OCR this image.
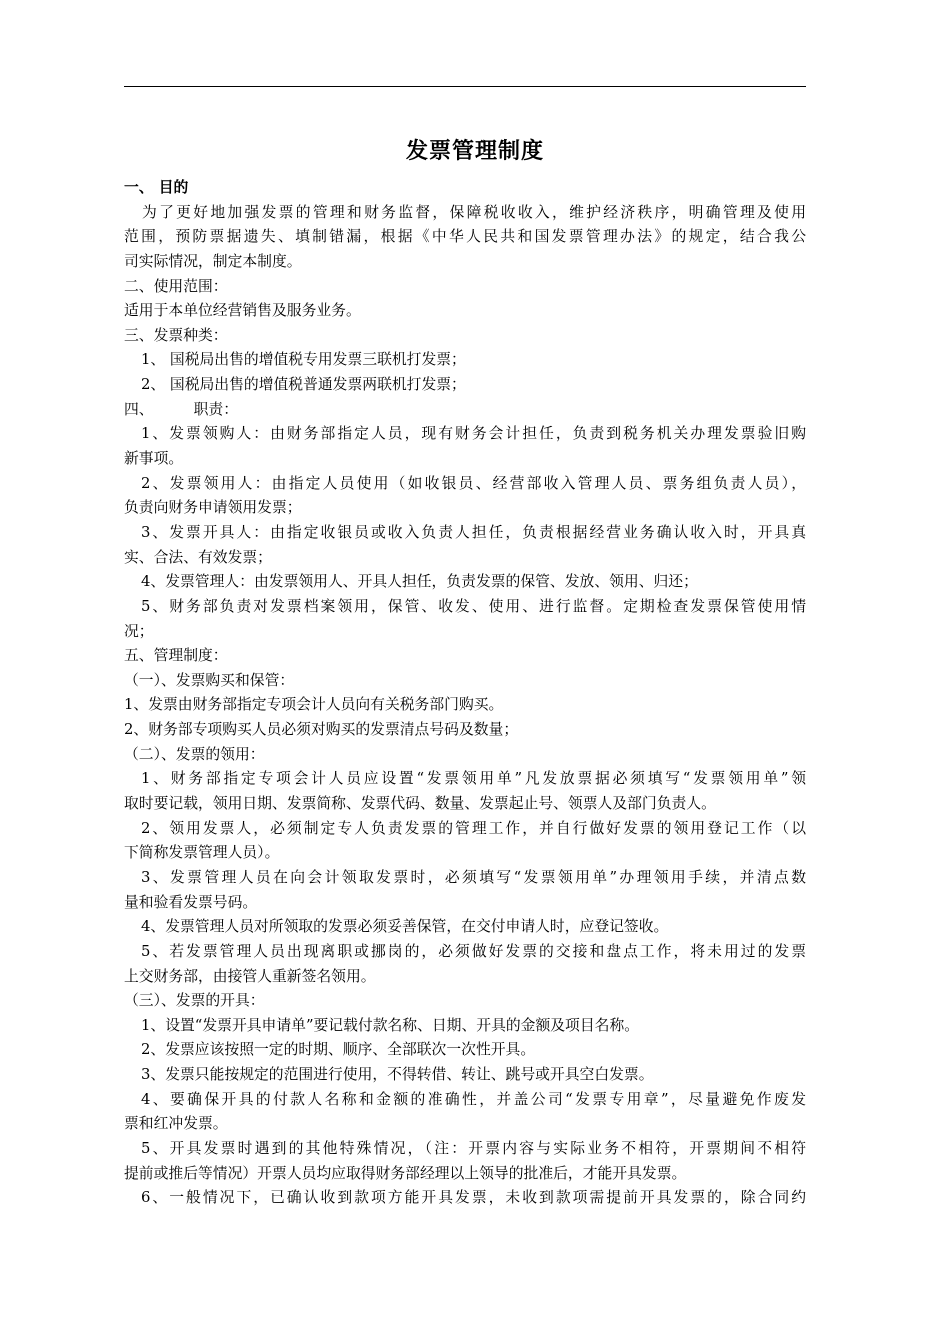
发票管理制度
一、 目的
为了更好地加强发票的管理和财务监督，保障税收收入，维护经济秩序，明确管理及使用
范围，预防票据遗失、填制错漏，根据《中华人民共和国发票管理办法》的规定，结合我公
司实际情况，制定本制度。
二、使用范围：
适用于本单位经营销售及服务业务。
三、发票种类：
1、 国税局出售的增值税专用发票三联机打发票；
2、 国税局出售的增值税普通发票两联机打发票；
四、	职责：
1、发票领购人：由财务部指定人员，现有财务会计担任，负责到税务机关办理发票验旧购
新事项。
2、发票领用人：由指定人员使用（如收银员、经营部收入管理人员、票务组负责人员），
负责向财务申请领用发票；
3、发票开具人：由指定收银员或收入负责人担任，负责根据经营业务确认收入时，开具真
实、合法、有效发票；
4、发票管理人：由发票领用人、开具人担任，负责发票的保管、发放、领用、归还；
5、财务部负责对发票档案领用，保管、收发、使用、进行监督。定期检查发票保管使用情
况；
五、管理制度：
（一）、发票购买和保管：
1、发票由财务部指定专项会计人员向有关税务部门购买。
2、财务部专项购买人员必须对购买的发票清点号码及数量；
（二）、发票的领用：
1、财务部指定专项会计人员应设置“发票领用单”凡发放票据必须填写“发票领用单”领
取时要记载，领用日期、发票简称、发票代码、数量、发票起止号、领票人及部门负责人。
2、领用发票人，必须制定专人负责发票的管理工作，并自行做好发票的领用登记工作（以
下简称发票管理人员）。
3、发票管理人员在向会计领取发票时，必须填写“发票领用单”办理领用手续，并清点数
量和验看发票号码。
4、发票管理人员对所领取的发票必须妥善保管，在交付申请人时，应登记签收。
5、若发票管理人员出现离职或挪岗的，必须做好发票的交接和盘点工作，将未用过的发票
上交财务部，由接管人重新签名领用。
（三）、发票的开具：
1、设置“发票开具申请单”要记载付款名称、日期、开具的金额及项目名称。
2、发票应该按照一定的时期、顺序、全部联次一次性开具。
3、发票只能按规定的范围进行使用，不得转借、转让、跳号或开具空白发票。
4、要确保开具的付款人名称和金额的准确性，并盖公司“发票专用章”，尽量避免作废发
票和红冲发票。
5、开具发票时遇到的其他特殊情况，（注：开票内容与实际业务不相符，开票期间不相符
提前或推后等情况）开票人员均应取得财务部经理以上领导的批准后，才能开具发票。
6、一般情况下，已确认收到款项方能开具发票，未收到款项需提前开具发票的，除合同约
